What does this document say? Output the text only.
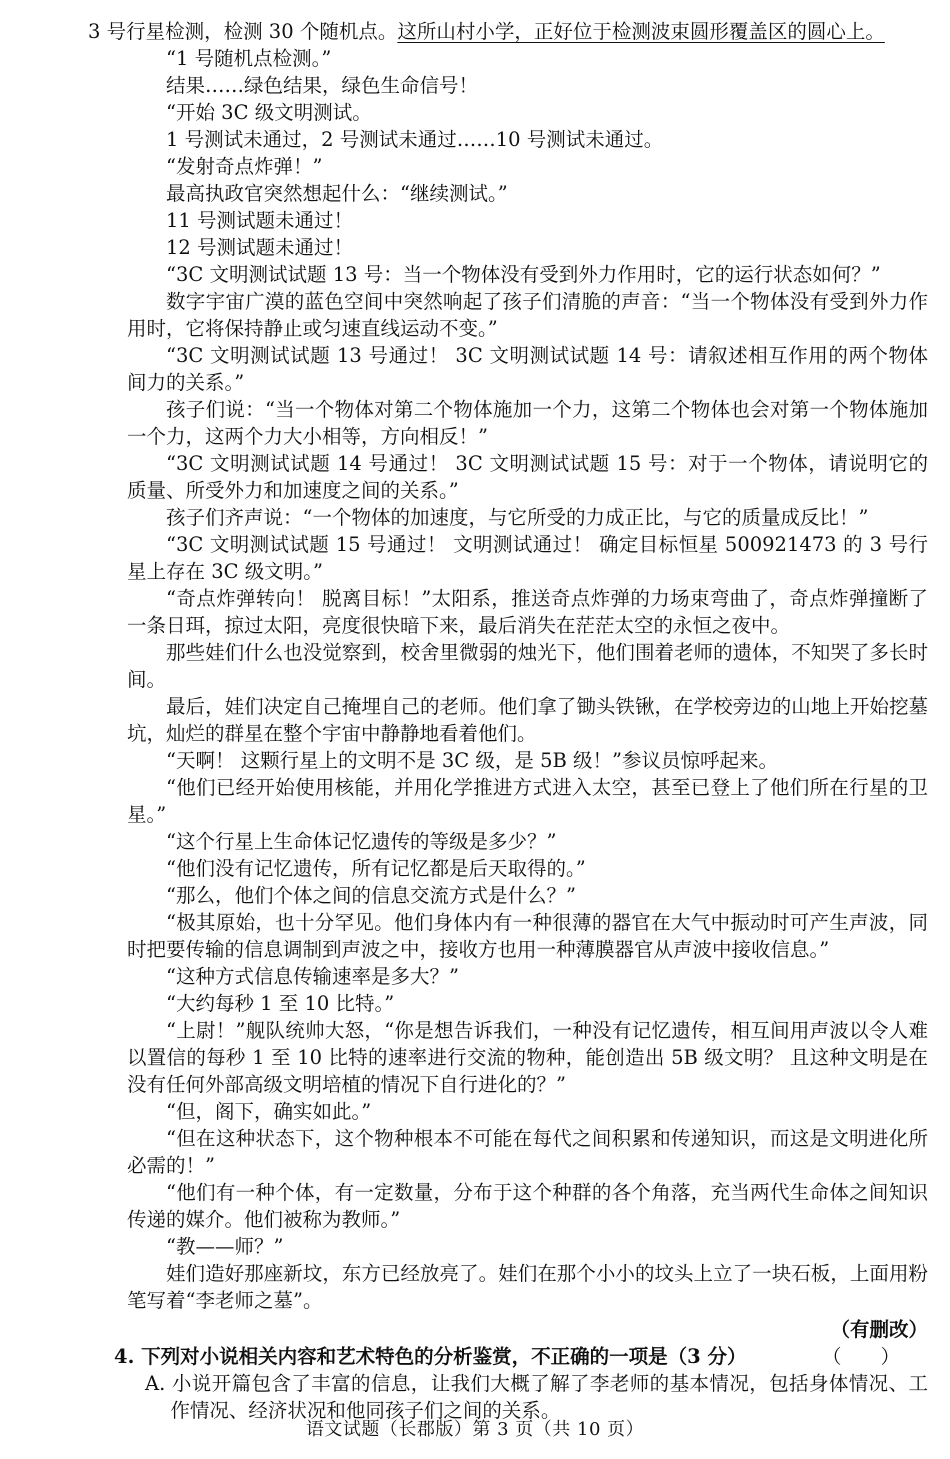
3 号行星检测，检测 30 个随机点。这所山村小学，正好位于检测波束圆形覆盖区的圆心上。

“1 号随机点检测。”

结果……绿色结果，绿色生命信号！

“开始 3C 级文明测试。

1 号测试未通过，2 号测试未通过……10 号测试未通过。

“发射奇点炸弹！”

最高执政官突然想起什么：“继续测试。”

11 号测试题未通过！

12 号测试题未通过！

“3C 文明测试试题 13 号：当一个物体没有受到外力作用时，它的运行状态如何？”

数字宇宙广漠的蓝色空间中突然响起了孩子们清脆的声音：“当一个物体没有受到外力作用时，它将保持静止或匀速直线运动不变。”

“3C 文明测试试题 13 号通过！ 3C 文明测试试题 14 号：请叙述相互作用的两个物体间力的关系。”

孩子们说：“当一个物体对第二个物体施加一个力，这第二个物体也会对第一个物体施加一个力，这两个力大小相等，方向相反！”

“3C 文明测试试题 14 号通过！ 3C 文明测试试题 15 号：对于一个物体，请说明它的质量、所受外力和加速度之间的关系。”

孩子们齐声说：“一个物体的加速度，与它所受的力成正比，与它的质量成反比！”

“3C 文明测试试题 15 号通过！ 文明测试通过！ 确定目标恒星 500921473 的 3 号行星上存在 3C 级文明。”

“奇点炸弹转向！ 脱离目标！”太阳系，推送奇点炸弹的力场束弯曲了，奇点炸弹撞断了一条日珥，掠过太阳，亮度很快暗下来，最后消失在茫茫太空的永恒之夜中。

那些娃们什么也没觉察到，校舍里微弱的烛光下，他们围着老师的遗体，不知哭了多长时间。

最后，娃们决定自己掩埋自己的老师。他们拿了锄头铁锹，在学校旁边的山地上开始挖墓坑，灿烂的群星在整个宇宙中静静地看着他们。

“天啊！ 这颗行星上的文明不是 3C 级，是 5B 级！”参议员惊呼起来。

“他们已经开始使用核能，并用化学推进方式进入太空，甚至已登上了他们所在行星的卫星。”

“这个行星上生命体记忆遗传的等级是多少？”

“他们没有记忆遗传，所有记忆都是后天取得的。”

“那么，他们个体之间的信息交流方式是什么？”

“极其原始，也十分罕见。他们身体内有一种很薄的器官在大气中振动时可产生声波，同时把要传输的信息调制到声波之中，接收方也用一种薄膜器官从声波中接收信息。”

“这种方式信息传输速率是多大？”

“大约每秒 1 至 10 比特。”

“上尉！”舰队统帅大怒，“你是想告诉我们，一种没有记忆遗传，相互间用声波以令人难以置信的每秒 1 至 10 比特的速率进行交流的物种，能创造出 5B 级文明？ 且这种文明是在没有任何外部高级文明培植的情况下自行进化的？”

“但，阁下，确实如此。”

“但在这种状态下，这个物种根本不可能在每代之间积累和传递知识，而这是文明进化所必需的！”

“他们有一种个体，有一定数量，分布于这个种群的各个角落，充当两代生命体之间知识传递的媒介。他们被称为教师。”

“教——师？”

娃们造好那座新坟，东方已经放亮了。娃们在那个小小的坟头上立了一块石板，上面用粉笔写着“李老师之墓”。

（有删改）

4. 下列对小说相关内容和艺术特色的分析鉴赏，不正确的一项是（3 分）	（　　）

A. 小说开篇包含了丰富的信息，让我们大概了解了李老师的基本情况，包括身体情况、工作情况、经济状况和他同孩子们之间的关系。

语文试题（长郡版）第 3 页（共 10 页）
